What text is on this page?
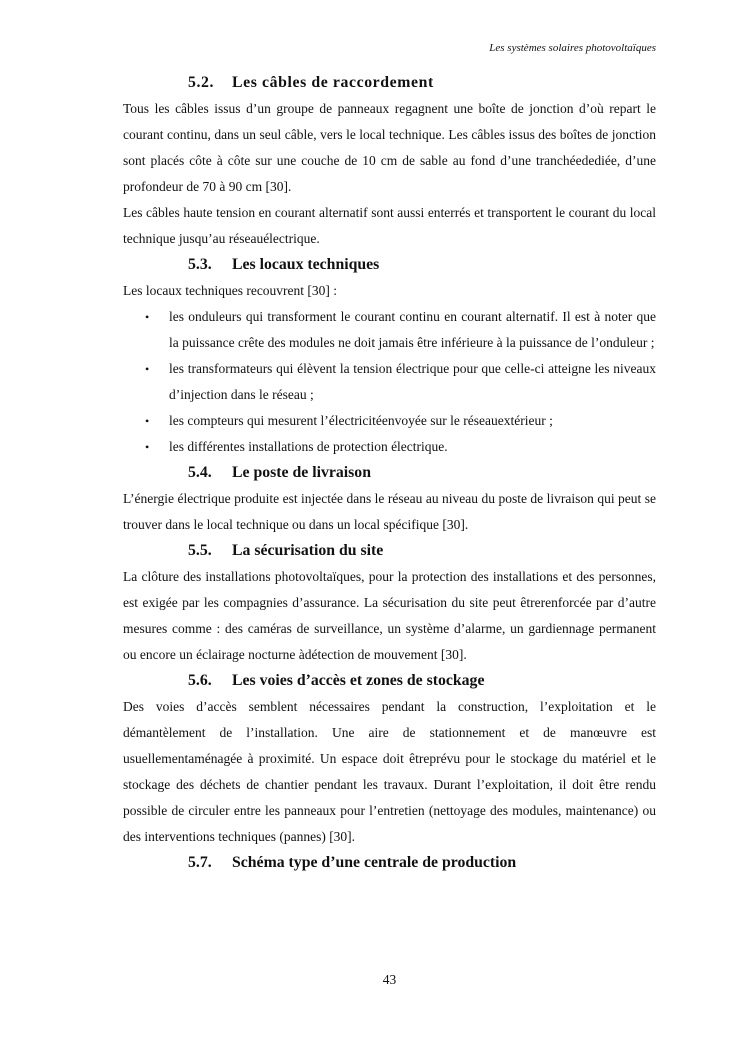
Les systèmes solaires photovoltaïques
5.2. Les câbles de raccordement

Tous les câbles issus d’un groupe de panneaux regagnent une boîte de jonction d’où repart le courant continu, dans un seul câble, vers le local technique. Les câbles issus des boîtes de jonction sont placés côte à côte sur une couche de 10 cm de sable au fond d’une tranchéedediée, d’une profondeur de 70 à 90 cm [30].

Les câbles haute tension en courant alternatif sont aussi enterrés et transportent le courant du local technique jusqu’au réseauélectrique.

5.3. Les locaux techniques

Les locaux techniques recouvrent [30] :

• les onduleurs qui transforment le courant continu en courant alternatif. Il est à noter que la puissance crête des modules ne doit jamais être inférieure à la puissance de l’onduleur ;
• les transformateurs qui élèvent la tension électrique pour que celle-ci atteigne les niveaux d’injection dans le réseau ;
• les compteurs qui mesurent l’électricitéenvoyée sur le réseauextérieur ;
• les différentes installations de protection électrique.
5.4. Le poste de livraison

L’énergie électrique produite est injectée dans le réseau au niveau du poste de livraison qui peut se trouver dans le local technique ou dans un local spécifique [30].

5.5. La sécurisation du site

La clôture des installations photovoltaïques, pour la protection des installations et des personnes, est exigée par les compagnies d’assurance. La sécurisation du site peut êtrerenforcée par d’autre mesures comme : des caméras de surveillance, un système d’alarme, un gardiennage permanent ou encore un éclairage nocturne àdétection de mouvement [30].

5.6. Les voies d’accès et zones de stockage

Des voies d’accès semblent nécessaires pendant la construction, l’exploitation et le démantèlement de l’installation. Une aire de stationnement et de manœuvre est usuellementaménagée à proximité. Un espace doit êtreprévu pour le stockage du matériel et le stockage des déchets de chantier pendant les travaux. Durant l’exploitation, il doit être rendu possible de circuler entre les panneaux pour l’entretien (nettoyage des modules, maintenance) ou des interventions techniques (pannes) [30].

5.7. Schéma type d’une centrale de production
43
